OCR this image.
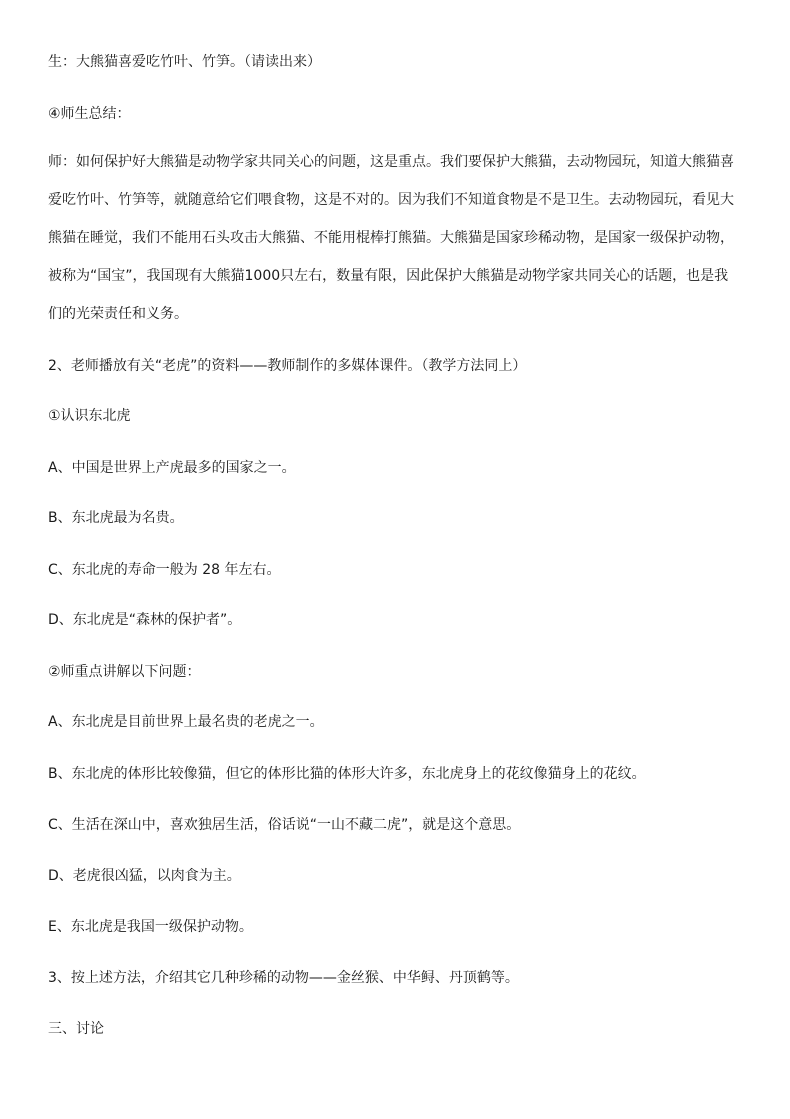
生：大熊猫喜爱吃竹叶、竹笋。（请读出来）

④师生总结：

师：如何保护好大熊猫是动物学家共同关心的问题，这是重点。我们要保护大熊猫，去动物园玩，知道大熊猫喜爱吃竹叶、竹笋等，就随意给它们喂食物，这是不对的。因为我们不知道食物是不是卫生。去动物园玩，看见大熊猫在睡觉，我们不能用石头攻击大熊猫、不能用棍棒打熊猫。大熊猫是国家珍稀动物，是国家一级保护动物，被称为“国宝”，我国现有大熊猫1000只左右，数量有限，因此保护大熊猫是动物学家共同关心的话题，也是我们的光荣责任和义务。

2、老师播放有关“老虎”的资料——教师制作的多媒体课件。（教学方法同上）

①认识东北虎

A、中国是世界上产虎最多的国家之一。

B、东北虎最为名贵。

C、东北虎的寿命一般为 28 年左右。

D、东北虎是“森林的保护者”。

②师重点讲解以下问题：

A、东北虎是目前世界上最名贵的老虎之一。

B、东北虎的体形比较像猫，但它的体形比猫的体形大许多，东北虎身上的花纹像猫身上的花纹。

C、生活在深山中，喜欢独居生活，俗话说“一山不藏二虎”，就是这个意思。

D、老虎很凶猛，以肉食为主。

E、东北虎是我国一级保护动物。

3、按上述方法，介绍其它几种珍稀的动物——金丝猴、中华鲟、丹顶鹤等。

三、讨论
